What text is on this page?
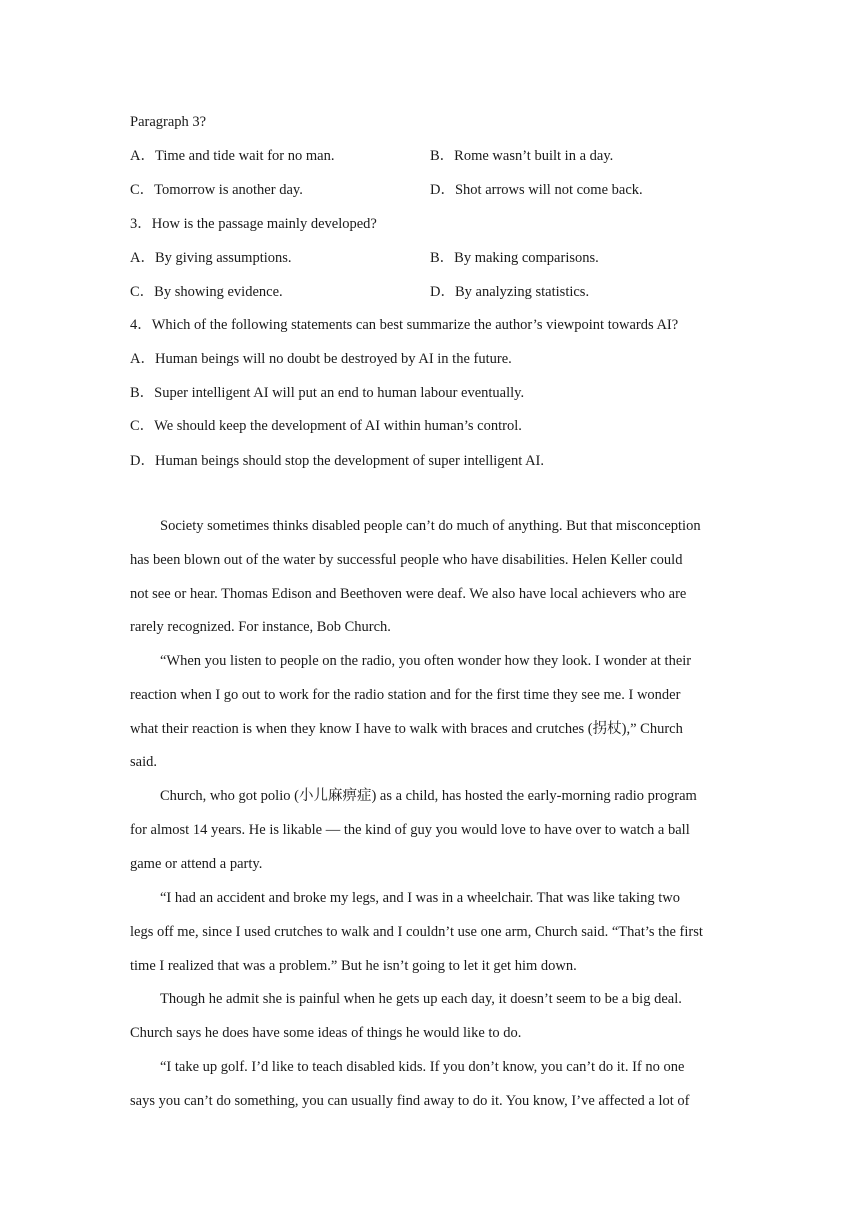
Paragraph 3?
A．Time and tide wait for no man.	B．Rome wasn’t built in a day.
C．Tomorrow is another day.	D．Shot arrows will not come back.
3．How is the passage mainly developed?
A．By giving assumptions.	B．By making comparisons.
C．By showing evidence.	D．By analyzing statistics.
4．Which of the following statements can best summarize the author’s viewpoint towards AI?
A．Human beings will no doubt be destroyed by AI in the future.
B．Super intelligent AI will put an end to human labour eventually.
C．We should keep the development of AI within human’s control.
D．Human beings should stop the development of super intelligent AI.
Society sometimes thinks disabled people can’t do much of anything. But that misconception
has been blown out of the water by successful people who have disabilities. Helen Keller could
not see or hear. Thomas Edison and Beethoven were deaf. We also have local achievers who are
rarely recognized. For instance, Bob Church.
“When you listen to people on the radio, you often wonder how they look. I wonder at their
reaction when I go out to work for the radio station and for the first time they see me. I wonder
what their reaction is when they know I have to walk with braces and crutches (拐杖),” Church
said.
Church, who got polio (小儿麻痹症) as a child, has hosted the early-morning radio program
for almost 14 years. He is likable — the kind of guy you would love to have over to watch a ball
game or attend a party.
“I had an accident and broke my legs, and I was in a wheelchair. That was like taking two
legs off me, since I used crutches to walk and I couldn’t use one arm, Church said. “That’s the first
time I realized that was a problem.” But he isn’t going to let it get him down.
Though he admit she is painful when he gets up each day, it doesn’t seem to be a big deal.
Church says he does have some ideas of things he would like to do.
“I take up golf. I’d like to teach disabled kids. If you don’t know, you can’t do it. If no one
says you can’t do something, you can usually find away to do it. You know, I’ve affected a lot of
